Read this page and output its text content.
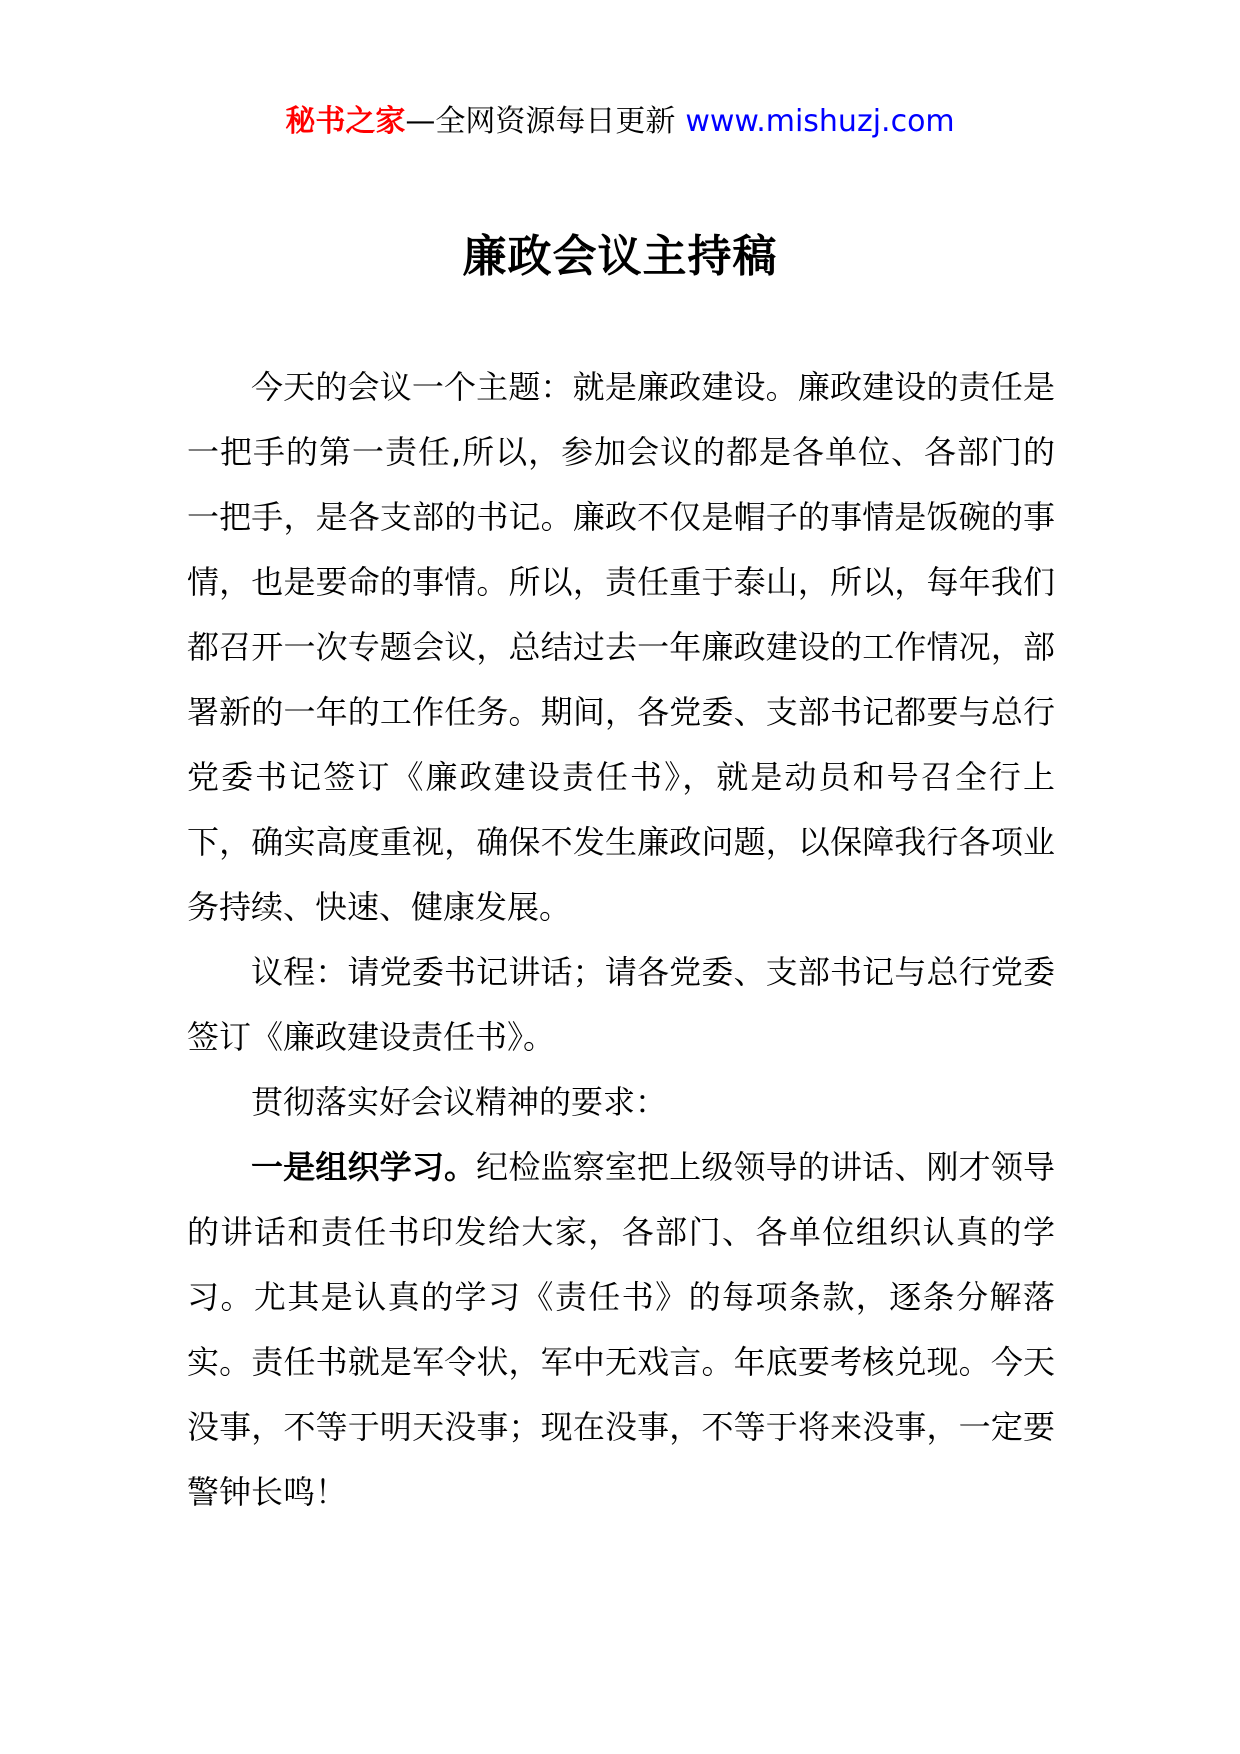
秘书之家—全网资源每日更新 www.mishuzj.com
廉政会议主持稿

今天的会议一个主题：就是廉政建设。廉政建设的责任是一把手的第一责任,所以，参加会议的都是各单位、各部门的一把手，是各支部的书记。廉政不仅是帽子的事情是饭碗的事情，也是要命的事情。所以，责任重于泰山，所以，每年我们都召开一次专题会议，总结过去一年廉政建设的工作情况，部署新的一年的工作任务。期间，各党委、支部书记都要与总行党委书记签订《廉政建设责任书》，就是动员和号召全行上下，确实高度重视，确保不发生廉政问题，以保障我行各项业务持续、快速、健康发展。

议程：请党委书记讲话；请各党委、支部书记与总行党委签订《廉政建设责任书》。

贯彻落实好会议精神的要求：

一是组织学习。纪检监察室把上级领导的讲话、刚才领导的讲话和责任书印发给大家，各部门、各单位组织认真的学习。尤其是认真的学习《责任书》的每项条款，逐条分解落实。责任书就是军令状，军中无戏言。年底要考核兑现。今天没事，不等于明天没事；现在没事，不等于将来没事，一定要警钟长鸣！
